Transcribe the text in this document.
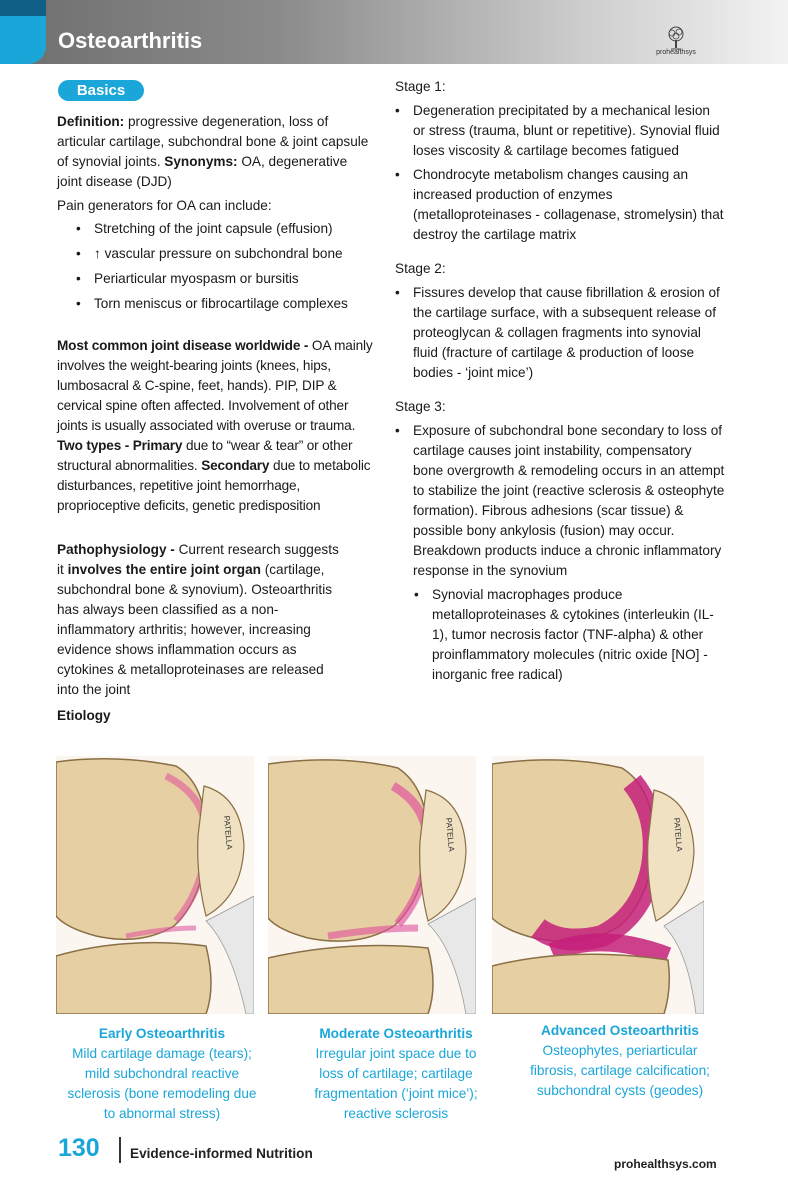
Osteoarthritis	prohealthsys
Basics

Definition: progressive degeneration, loss of articular cartilage, subchondral bone & joint capsule of synovial joints. Synonyms: OA, degenerative joint disease (DJD)

Pain generators for OA can include:

• Stretching of the joint capsule (effusion)
• ↑ vascular pressure on subchondral bone
• Periarticular myospasm or bursitis
• Torn meniscus or fibrocartilage complexes

Most common joint disease worldwide - OA mainly involves the weight-bearing joints (knees, hips, lumbosacral & C-spine, feet, hands). PIP, DIP & cervical spine often affected. Involvement of other joints is usually associated with overuse or trauma. Two types - Primary due to “wear & tear” or other structural abnormalities. Secondary due to metabolic disturbances, repetitive joint hemorrhage, proprioceptive deficits, genetic predisposition

Pathophysiology - Current research suggests it involves the entire joint organ (cartilage, subchondral bone & synovium). Osteoarthritis has always been classified as a non-inflammatory arthritis; however, increasing evidence shows inflammation occurs as cytokines & metalloproteinases are released into the joint

Etiology

Stage 1:

• Degeneration precipitated by a mechanical lesion or stress (trauma, blunt or repetitive). Synovial fluid loses viscosity & cartilage becomes fatigued
• Chondrocyte metabolism changes causing an increased production of enzymes (metalloproteinases - collagenase, stromelysin) that destroy the cartilage matrix

Stage 2:

• Fissures develop that cause fibrillation & erosion of the cartilage surface, with a subsequent release of proteoglycan & collagen fragments into synovial fluid (fracture of cartilage & production of loose bodies - ‘joint mice’)

Stage 3:

• Exposure of subchondral bone secondary to loss of cartilage causes joint instability, compensatory bone overgrowth & remodeling occurs in an attempt to stabilize the joint (reactive sclerosis & osteophyte formation). Fibrous adhesions (scar tissue) & possible bony ankylosis (fusion) may occur. Breakdown products induce a chronic inflammatory response in the synovium
• Synovial macrophages produce metalloproteinases & cytokines (interleukin (IL-1), tumor necrosis factor (TNF-alpha) & other proinflammatory molecules (nitric oxide [NO] - inorganic free radical)
PATELLA	PATELLA	PATELLA
Early Osteoarthritis
Mild cartilage damage (tears); mild subchondral reactive sclerosis (bone remodeling due to abnormal stress)
Moderate Osteoarthritis
Irregular joint space due to loss of cartilage; cartilage fragmentation (‘joint mice’); reactive sclerosis
Advanced Osteoarthritis
Osteophytes, periarticular fibrosis, cartilage calcification; subchondral cysts (geodes)
130 Evidence-informed Nutrition
prohealthsys.com
